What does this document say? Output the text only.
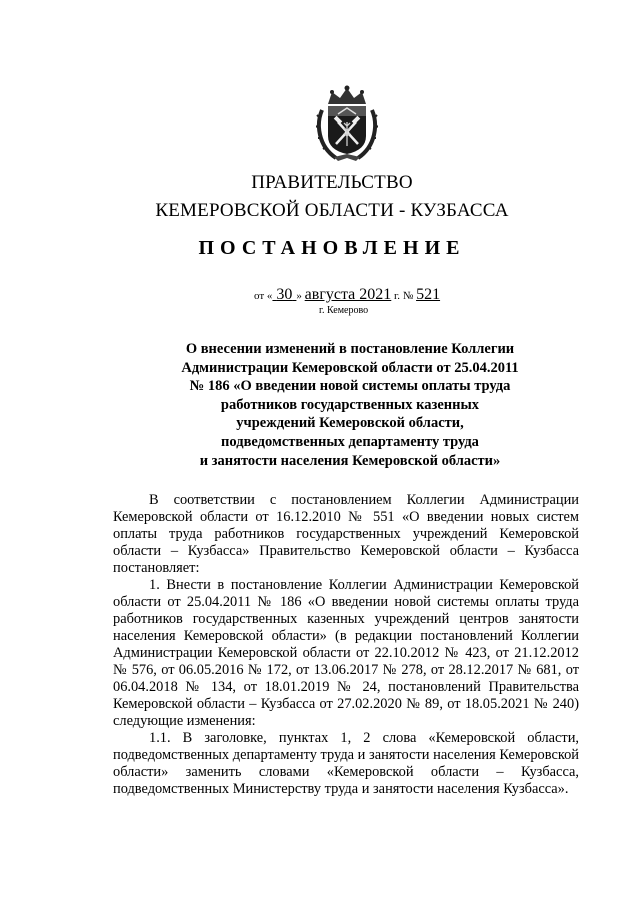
ПРАВИТЕЛЬСТВО
КЕМЕРОВСКОЙ ОБЛАСТИ - КУЗБАССА
ПОСТАНОВЛЕНИЕ
от « 30 » августа 2021 г. № 521
г. Кемерово
О внесении изменений в постановление Коллегии
Администрации Кемеровской области от 25.04.2011
№ 186 «О введении новой системы оплаты труда
работников государственных казенных
учреждений Кемеровской области,
подведомственных департаменту труда
и занятости населения Кемеровской области»

В соответствии с постановлением Коллегии Администрации Кемеровской области от 16.12.2010 № 551 «О введении новых систем оплаты труда работников государственных учреждений Кемеровской области – Кузбасса» Правительство Кемеровской области – Кузбасса постановляет:

1. Внести в постановление Коллегии Администрации Кемеровской области от 25.04.2011 № 186 «О введении новой системы оплаты труда работников государственных казенных учреждений центров занятости населения Кемеровской области» (в редакции постановлений Коллегии Администрации Кемеровской области от 22.10.2012 № 423, от 21.12.2012 № 576, от 06.05.2016 № 172, от 13.06.2017 № 278, от 28.12.2017 № 681, от 06.04.2018 № 134, от 18.01.2019 № 24, постановлений Правительства Кемеровской области – Кузбасса от 27.02.2020 № 89, от 18.05.2021 № 240) следующие изменения:

1.1. В заголовке, пунктах 1, 2 слова «Кемеровской области, подведомственных департаменту труда и занятости населения Кемеровской области» заменить словами «Кемеровской области – Кузбасса, подведомственных Министерству труда и занятости населения Кузбасса».
